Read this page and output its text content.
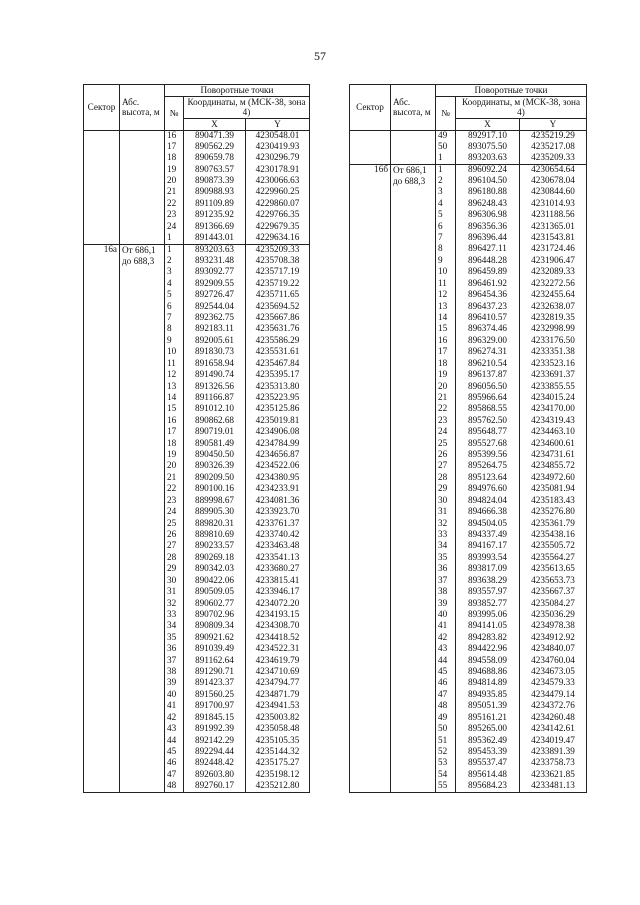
57
Сектор	Абс. высота, м	Поворотные точки		
		№	Координаты, м (МСК-38, зона 4)	
			X	Y
		16	890471.39	4230548.01
		17	890562.29	4230419.93
		18	890659.78	4230296.79
		19	890763.57	4230178.91
		20	890873.39	4230066.63
		21	890988.93	4229960.25
		22	891109.89	4229860.07
		23	891235.92	4229766.35
		24	891366.69	4229679.35
		1	891443.01	4229634.16
16а	От 686,1 до 688,3	1	893203.63	4235209.33
		2	893231.48	4235708.38
		3	893092.77	4235717.19
		4	892909.55	4235719.22
		5	892726.47	4235711.65
		6	892544.04	4235694.52
		7	892362.75	4235667.86
		8	892183.11	4235631.76
		9	892005.61	4235586.29
		10	891830.73	4235531.61
		11	891658.94	4235467.84
		12	891490.74	4235395.17
		13	891326.56	4235313.80
		14	891166.87	4235223.95
		15	891012.10	4235125.86
		16	890862.68	4235019.81
		17	890719.01	4234906.08
		18	890581.49	4234784.99
		19	890450.50	4234656.87
		20	890326.39	4234522.06
		21	890209.50	4234380.95
		22	890100.16	4234233.91
		23	889998.67	4234081.36
		24	889905.30	4233923.70
		25	889820.31	4233761.37
		26	889810.69	4233740.42
		27	890233.57	4233463.48
		28	890269.18	4233541.13
		29	890342.03	4233680.27
		30	890422.06	4233815.41
		31	890509.05	4233946.17
		32	890602.77	4234072.20
		33	890702.96	4234193.15
		34	890809.34	4234308.70
		35	890921.62	4234418.52
		36	891039.49	4234522.31
		37	891162.64	4234619.79
		38	891290.71	4234710.69
		39	891423.37	4234794.77
		40	891560.25	4234871.79
		41	891700.97	4234941.53
		42	891845.15	4235003.82
		43	891992.39	4235058.48
		44	892142.29	4235105.35
		45	892294.44	4235144.32
		46	892448.42	4235175.27
		47	892603.80	4235198.12
		48	892760.17	4235212.80
Сектор	Абс. высота, м	Поворотные точки		
		№	Координаты, м (МСК-38, зона 4)	
			X	Y
		49	892917.10	4235219.29
		50	893075.50	4235217.08
		1	893203.63	4235209.33
16б	От 686,1 до 688,3	1	896092.24	4230654.64
		2	896104.50	4230678.04
		3	896180.88	4230844.60
		4	896248.43	4231014.93
		5	896306.98	4231188.56
		6	896356.36	4231365.01
		7	896396.44	4231543.81
		8	896427.11	4231724.46
		9	896448.28	4231906.47
		10	896459.89	4232089.33
		11	896461.92	4232272.56
		12	896454.36	4232455.64
		13	896437.23	4232638.07
		14	896410.57	4232819.35
		15	896374.46	4232998.99
		16	896329.00	4233176.50
		17	896274.31	4233351.38
		18	896210.54	4233523.16
		19	896137.87	4233691.37
		20	896056.50	4233855.55
		21	895966.64	4234015.24
		22	895868.55	4234170.00
		23	895762.50	4234319.43
		24	895648.77	4234463.10
		25	895527.68	4234600.61
		26	895399.56	4234731.61
		27	895264.75	4234855.72
		28	895123.64	4234972.60
		29	894976.60	4235081.94
		30	894824.04	4235183.43
		31	894666.38	4235276.80
		32	894504.05	4235361.79
		33	894337.49	4235438.16
		34	894167.17	4235505.72
		35	893993.54	4235564.27
		36	893817.09	4235613.65
		37	893638.29	4235653.73
		38	893557.97	4235667.37
		39	893852.77	4235084.27
		40	893995.06	4235036.29
		41	894141.05	4234978.38
		42	894283.82	4234912.92
		43	894422.96	4234840.07
		44	894558.09	4234760.04
		45	894688.86	4234673.05
		46	894814.89	4234579.33
		47	894935.85	4234479.14
		48	895051.39	4234372.76
		49	895161.21	4234260.48
		50	895265.00	4234142.61
		51	895362.49	4234019.47
		52	895453.39	4233891.39
		53	895537.47	4233758.73
		54	895614.48	4233621.85
		55	895684.23	4233481.13
